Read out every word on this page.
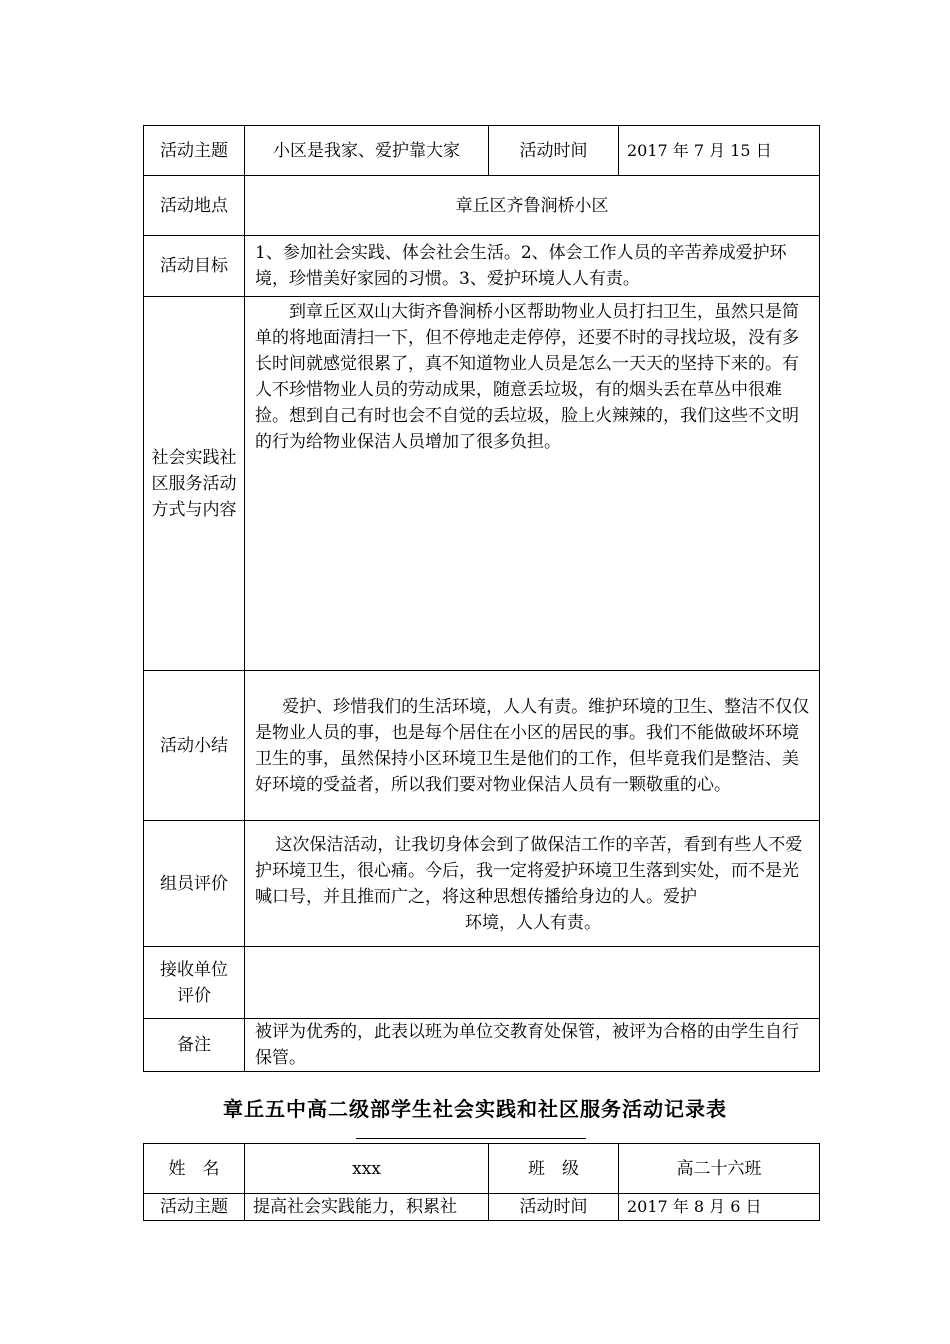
活动主题	小区是我家、爱护靠大家	活动时间	2017 年 7 月 15 日
活动地点	章丘区齐鲁涧桥小区		
活动目标	1、参加社会实践、体会社会生活。2、体会工作人员的辛苦养成爱护环境，珍惜美好家园的习惯。3、爱护环境人人有责。		
社会实践社区服务活动方式与内容	到章丘区双山大街齐鲁涧桥小区帮助物业人员打扫卫生，虽然只是简单的将地面清扫一下，但不停地走走停停，还要不时的寻找垃圾，没有多长时间就感觉很累了，真不知道物业人员是怎么一天天的坚持下来的。有人不珍惜物业人员的劳动成果，随意丢垃圾，有的烟头丢在草丛中很难捡。想到自己有时也会不自觉的丢垃圾，脸上火辣辣的，我们这些不文明的行为给物业保洁人员增加了很多负担。		
活动小结	爱护、珍惜我们的生活环境，人人有责。维护环境的卫生、整洁不仅仅是物业人员的事，也是每个居住在小区的居民的事。我们不能做破坏环境卫生的事，虽然保持小区环境卫生是他们的工作，但毕竟我们是整洁、美好环境的受益者，所以我们要对物业保洁人员有一颗敬重的心。		
组员评价	这次保洁活动，让我切身体会到了做保洁工作的辛苦，看到有些人不爱护环境卫生，很心痛。今后，我一定将爱护环境卫生落到实处，而不是光喊口号，并且推而广之，将这种思想传播给身边的人。爱护
环境，人人有责。		

接收单位评价			
备注	被评为优秀的，此表以班为单位交教育处保管，被评为合格的由学生自行保管。		
章丘五中高二级部学生社会实践和社区服务活动记录表
姓　名	xxx	班　级	高二十六班
活动主题	提高社会实践能力，积累社	活动时间	2017 年 8 月 6 日
